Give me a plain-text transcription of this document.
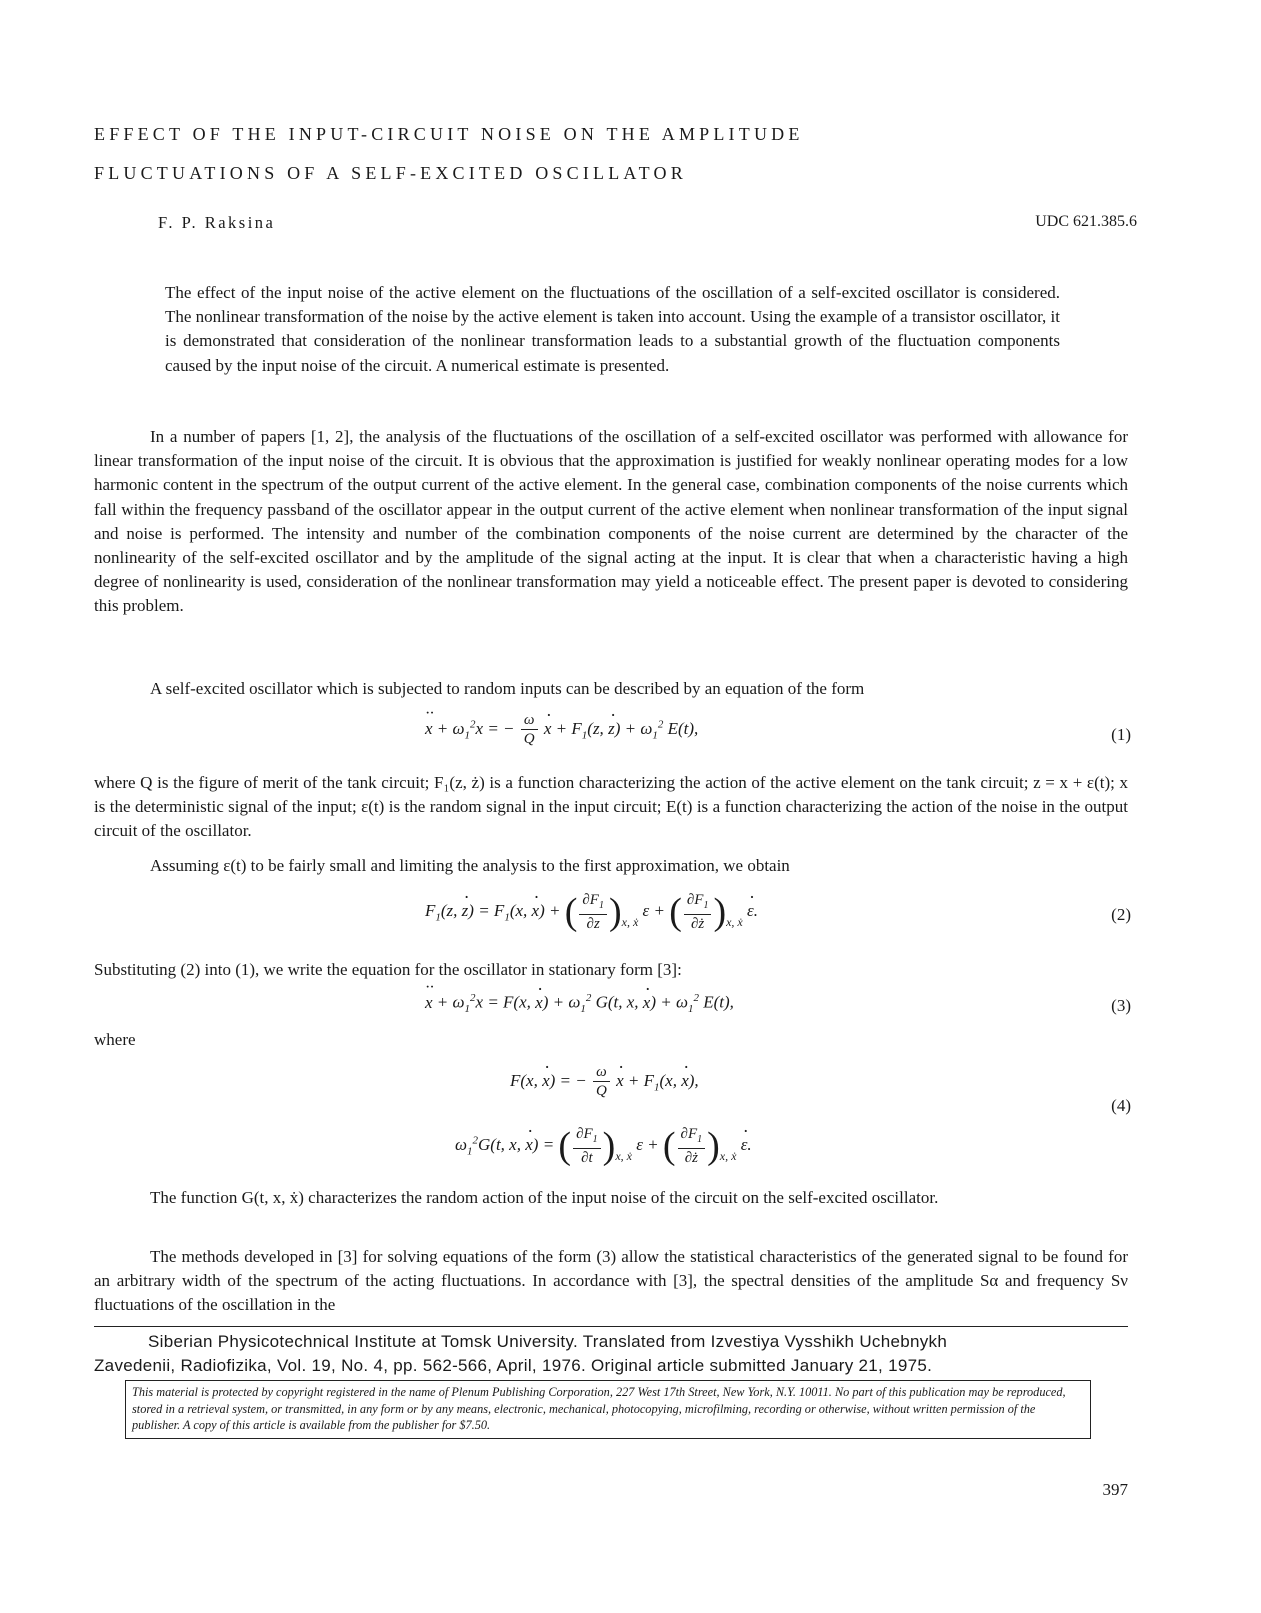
EFFECT OF THE INPUT-CIRCUIT NOISE ON THE AMPLITUDE
FLUCTUATIONS OF A SELF-EXCITED OSCILLATOR
F. P. Raksina	UDC 621.385.6
The effect of the input noise of the active element on the fluctuations of the oscillation of a self-excited oscillator is considered. The nonlinear transformation of the noise by the active element is taken into account. Using the example of a transistor oscillator, it is demonstrated that consideration of the nonlinear transformation leads to a substantial growth of the fluctuation components caused by the input noise of the circuit. A numerical estimate is presented.
In a number of papers [1, 2], the analysis of the fluctuations of the oscillation of a self-excited oscillator was performed with allowance for linear transformation of the input noise of the circuit. It is obvious that the approximation is justified for weakly nonlinear operating modes for a low harmonic content in the spectrum of the output current of the active element. In the general case, combination components of the noise currents which fall within the frequency passband of the oscillator appear in the output current of the active element when nonlinear transformation of the input signal and noise is performed. The intensity and number of the combination components of the noise current are determined by the character of the nonlinearity of the self-excited oscillator and by the amplitude of the signal acting at the input. It is clear that when a characteristic having a high degree of nonlinearity is used, consideration of the nonlinear transformation may yield a noticeable effect. The present paper is devoted to considering this problem.
A self-excited oscillator which is subjected to random inputs can be described by an equation of the form
·· $x + \omega_1^2x$ = − $\frac{\omega}{Q}$
· $x + F_1(z$, · $z) + \omega_1^2$ E(t),	(1)
where Q is the figure of merit of the tank circuit; F₁(z, ż) is a function characterizing the action of the active element on the tank circuit; z = x + ε(t); x is the deterministic signal of the input; ε(t) is the random signal in the input circuit; E(t) is a function characterizing the action of the noise in the output circuit of the oscillator.
Assuming ε(t) to be fairly small and limiting the analysis to the first approximation, we obtain
$F_1(z$, · $z) = F_1(x$, · x) + ( $\frac{\partial F_1}{\partial z} )_{x, ẋ}$ ε + ( $\frac{\partial F_1}{\partial ż} )_{x, ẋ} \cdot \varepsilon$.	(2)
Substituting (2) into (1), we write the equation for the oscillator in stationary form [3]:
·· $x + \omega_1^2x = F(x$, · $x) + \omega_1^2$ G(t, x, · $x) + \omega_1^2$ E(t),	(3)
where
F(x, · x) = − $\frac{\omega}{Q}$
· $x + F_1(x$, · x),
$\omega_1^2G(t$, x, · x) = ( $\frac{\partial F_1}{\partial t} )_{x, ẋ}$ ε + ( $\frac{\partial F_1}{\partial ż} )_{x, ẋ} \cdot \varepsilon$.
(4)
The function G(t, x, ẋ) characterizes the random action of the input noise of the circuit on the self-excited oscillator.
The methods developed in [3] for solving equations of the form (3) allow the statistical characteristics of the generated signal to be found for an arbitrary width of the spectrum of the acting fluctuations. In accordance with [3], the spectral densities of the amplitude Sα and frequency Sν fluctuations of the oscillation in the
Siberian Physicotechnical Institute at Tomsk University. Translated from Izvestiya Vysshikh Uchebnykh
Zavedenii, Radiofizika, Vol. 19, No. 4, pp. 562-566, April, 1976. Original article submitted January 21, 1975.
This material is protected by copyright registered in the name of Plenum Publishing Corporation, 227 West 17th Street, New York, N.Y. 10011. No part of this publication may be reproduced, stored in a retrieval system, or transmitted, in any form or by any means, electronic, mechanical, photocopying, microfilming, recording or otherwise, without written permission of the publisher. A copy of this article is available from the publisher for $7.50.
397
